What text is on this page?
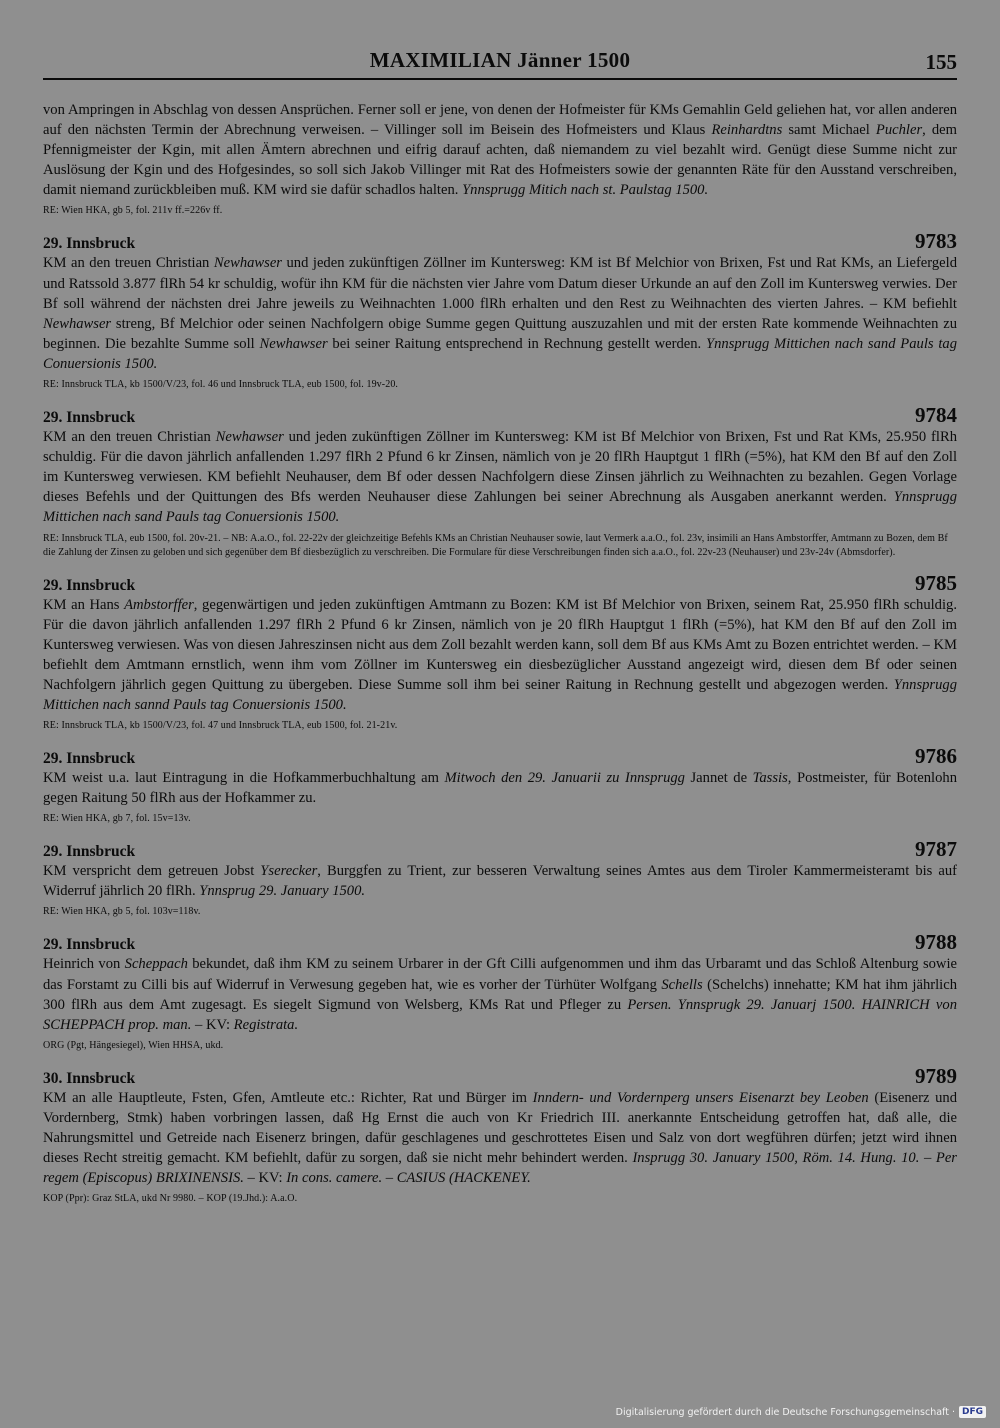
MAXIMILIAN Jänner 1500	155

von Ampringen in Abschlag von dessen Ansprüchen. Ferner soll er jene, von denen der Hofmeister für KMs Gemahlin Geld geliehen hat, vor allen anderen auf den nächsten Termin der Abrechnung verweisen. – Villinger soll im Beisein des Hofmeisters und Klaus Reinhardtns samt Michael Puchler, dem Pfennigmeister der Kgin, mit allen Ämtern abrechnen und eifrig darauf achten, daß niemandem zu viel bezahlt wird. Genügt diese Summe nicht zur Auslösung der Kgin und des Hofgesindes, so soll sich Jakob Villinger mit Rat des Hofmeisters sowie der genannten Räte für den Ausstand verschreiben, damit niemand zurückbleiben muß. KM wird sie dafür schadlos halten. Ynnsprugg Mitich nach st. Paulstag 1500.

RE: Wien HKA, gb 5, fol. 211v ff.=226v ff.
29. Innsbruck	9783

KM an den treuen Christian Newhawser und jeden zukünftigen Zöllner im Kuntersweg: KM ist Bf Melchior von Brixen, Fst und Rat KMs, an Liefergeld und Ratssold 3.877 flRh 54 kr schuldig, wofür ihn KM für die nächsten vier Jahre vom Datum dieser Urkunde an auf den Zoll im Kuntersweg verwies. Der Bf soll während der nächsten drei Jahre jeweils zu Weihnachten 1.000 flRh erhalten und den Rest zu Weihnachten des vierten Jahres. – KM befiehlt Newhawser streng, Bf Melchior oder seinen Nachfolgern obige Summe gegen Quittung auszuzahlen und mit der ersten Rate kommende Weihnachten zu beginnen. Die bezahlte Summe soll Newhawser bei seiner Raitung entsprechend in Rechnung gestellt werden. Ynnsprugg Mittichen nach sand Pauls tag Conuersionis 1500.

RE: Innsbruck TLA, kb 1500/V/23, fol. 46 und Innsbruck TLA, eub 1500, fol. 19v-20.
29. Innsbruck	9784

KM an den treuen Christian Newhawser und jeden zukünftigen Zöllner im Kuntersweg: KM ist Bf Melchior von Brixen, Fst und Rat KMs, 25.950 flRh schuldig. Für die davon jährlich anfallenden 1.297 flRh 2 Pfund 6 kr Zinsen, nämlich von je 20 flRh Hauptgut 1 flRh (=5%), hat KM den Bf auf den Zoll im Kuntersweg verwiesen. KM befiehlt Neuhauser, dem Bf oder dessen Nachfolgern diese Zinsen jährlich zu Weihnachten zu bezahlen. Gegen Vorlage dieses Befehls und der Quittungen des Bfs werden Neuhauser diese Zahlungen bei seiner Abrechnung als Ausgaben anerkannt werden. Ynnsprugg Mittichen nach sand Pauls tag Conuersionis 1500.

RE: Innsbruck TLA, eub 1500, fol. 20v-21. – NB: A.a.O., fol. 22-22v der gleichzeitige Befehls KMs an Christian Neuhauser sowie, laut Vermerk a.a.O., fol. 23v, insimili an Hans Ambstorffer, Amtmann zu Bozen, dem Bf die Zahlung der Zinsen zu geloben und sich gegenüber dem Bf diesbezüglich zu verschreiben. Die Formulare für diese Verschreibungen finden sich a.a.O., fol. 22v-23 (Neuhauser) und 23v-24v (Abmsdorfer).
29. Innsbruck	9785

KM an Hans Ambstorffer, gegenwärtigen und jeden zukünftigen Amtmann zu Bozen: KM ist Bf Melchior von Brixen, seinem Rat, 25.950 flRh schuldig. Für die davon jährlich anfallenden 1.297 flRh 2 Pfund 6 kr Zinsen, nämlich von je 20 flRh Hauptgut 1 flRh (=5%), hat KM den Bf auf den Zoll im Kuntersweg verwiesen. Was von diesen Jahreszinsen nicht aus dem Zoll bezahlt werden kann, soll dem Bf aus KMs Amt zu Bozen entrichtet werden. – KM befiehlt dem Amtmann ernstlich, wenn ihm vom Zöllner im Kuntersweg ein diesbezüglicher Ausstand angezeigt wird, diesen dem Bf oder seinen Nachfolgern jährlich gegen Quittung zu übergeben. Diese Summe soll ihm bei seiner Raitung in Rechnung gestellt und abgezogen werden. Ynnsprugg Mittichen nach sannd Pauls tag Conuersionis 1500.

RE: Innsbruck TLA, kb 1500/V/23, fol. 47 und Innsbruck TLA, eub 1500, fol. 21-21v.
29. Innsbruck	9786

KM weist u.a. laut Eintragung in die Hofkammerbuchhaltung am Mitwoch den 29. Januarii zu Innsprugg Jannet de Tassis, Postmeister, für Botenlohn gegen Raitung 50 flRh aus der Hofkammer zu.

RE: Wien HKA, gb 7, fol. 15v=13v.
29. Innsbruck	9787

KM verspricht dem getreuen Jobst Yserecker, Burggfen zu Trient, zur besseren Verwaltung seines Amtes aus dem Tiroler Kammermeisteramt bis auf Widerruf jährlich 20 flRh. Ynnsprug 29. January 1500.

RE: Wien HKA, gb 5, fol. 103v=118v.
29. Innsbruck	9788

Heinrich von Scheppach bekundet, daß ihm KM zu seinem Urbarer in der Gft Cilli aufgenommen und ihm das Urbaramt und das Schloß Altenburg sowie das Forstamt zu Cilli bis auf Widerruf in Verwesung gegeben hat, wie es vorher der Türhüter Wolfgang Schells (Schelchs) innehatte; KM hat ihm jährlich 300 flRh aus dem Amt zugesagt. Es siegelt Sigmund von Welsberg, KMs Rat und Pfleger zu Persen. Ynnsprugk 29. Januarj 1500. HAINRICH von SCHEPPACH prop. man. – KV: Registrata.

ORG (Pgt, Hängesiegel), Wien HHSA, ukd.
30. Innsbruck	9789

KM an alle Hauptleute, Fsten, Gfen, Amtleute etc.: Richter, Rat und Bürger im Inndern- und Vordernperg unsers Eisenarzt bey Leoben (Eisenerz und Vordernberg, Stmk) haben vorbringen lassen, daß Hg Ernst die auch von Kr Friedrich III. anerkannte Entscheidung getroffen hat, daß alle, die Nahrungsmittel und Getreide nach Eisenerz bringen, dafür geschlagenes und geschrottetes Eisen und Salz von dort wegführen dürfen; jetzt wird ihnen dieses Recht streitig gemacht. KM befiehlt, dafür zu sorgen, daß sie nicht mehr behindert werden. Insprugg 30. January 1500, Röm. 14. Hung. 10. – Per regem (Episcopus) BRIXINENSIS. – KV: In cons. camere. – CASIUS (HACKENEY.

KOP (Ppr): Graz StLA, ukd Nr 9980. – KOP (19.Jhd.): A.a.O.
Digitalisierung gefördert durch die Deutsche Forschungsgemeinschaft · DFG
